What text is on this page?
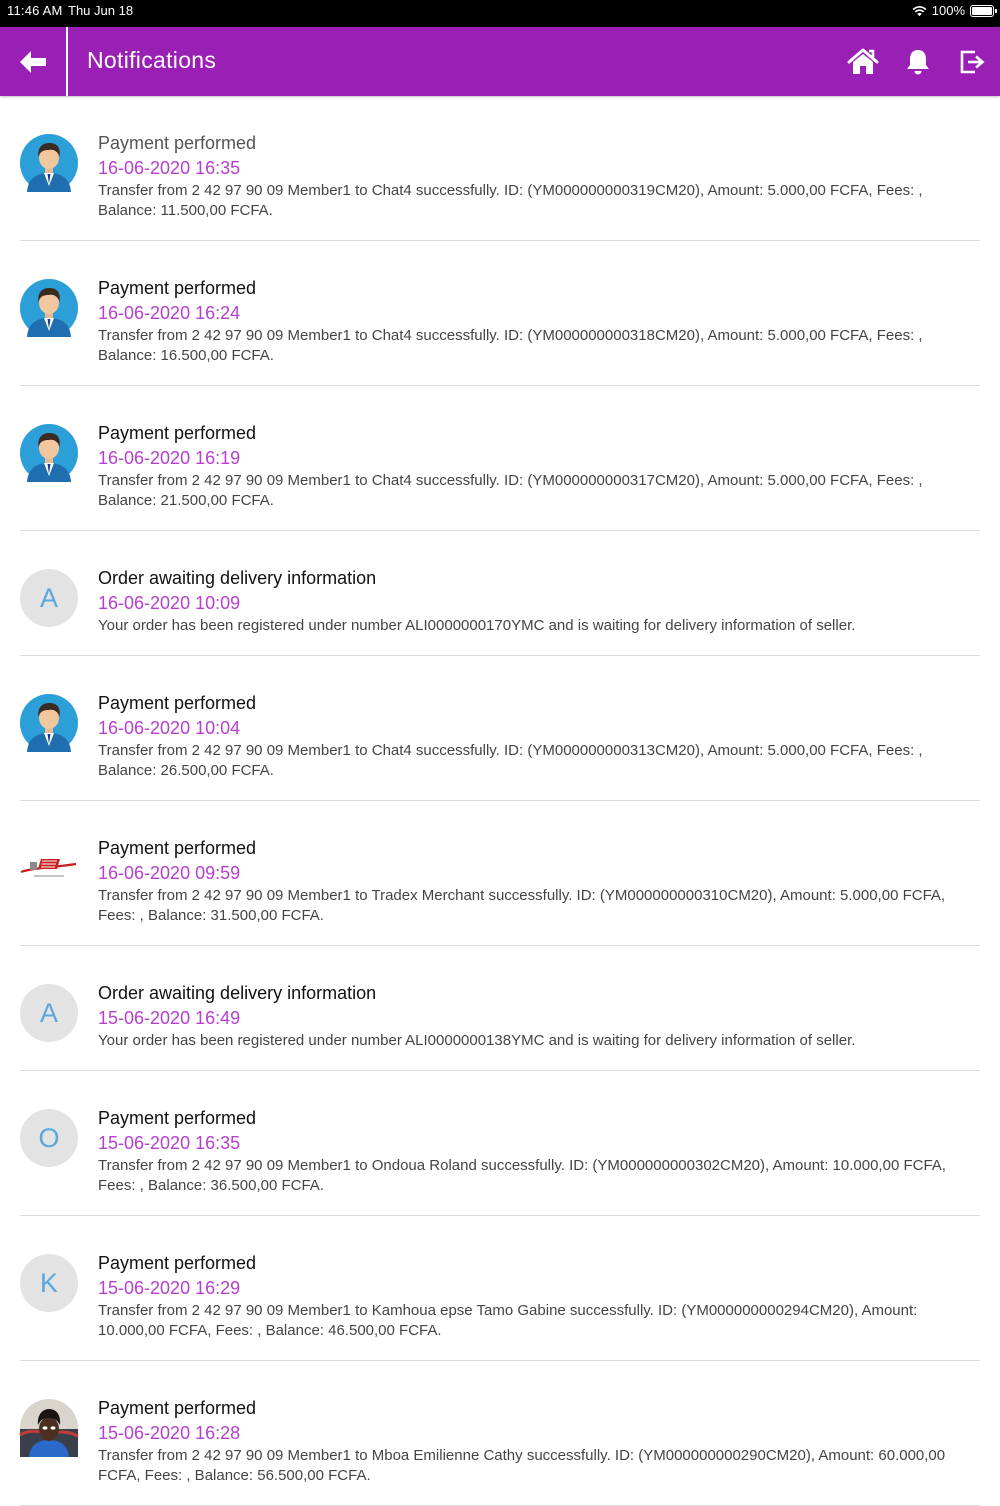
11:46 AM Thu Jun 18	100%
Notifications
Payment performed
16-06-2020 16:35
Transfer from 2 42 97 90 09 Member1 to Chat4 successfully. ID: (YM000000000319CM20), Amount: 5.000,00 FCFA, Fees: , Balance: 11.500,00 FCFA.
Payment performed
16-06-2020 16:24
Transfer from 2 42 97 90 09 Member1 to Chat4 successfully. ID: (YM000000000318CM20), Amount: 5.000,00 FCFA, Fees: , Balance: 16.500,00 FCFA.
Payment performed
16-06-2020 16:19
Transfer from 2 42 97 90 09 Member1 to Chat4 successfully. ID: (YM000000000317CM20), Amount: 5.000,00 FCFA, Fees: , Balance: 21.500,00 FCFA.
A
Order awaiting delivery information
16-06-2020 10:09
Your order has been registered under number ALI0000000170YMC and is waiting for delivery information of seller.
Payment performed
16-06-2020 10:04
Transfer from 2 42 97 90 09 Member1 to Chat4 successfully. ID: (YM000000000313CM20), Amount: 5.000,00 FCFA, Fees: , Balance: 26.500,00 FCFA.
Payment performed
16-06-2020 09:59
Transfer from 2 42 97 90 09 Member1 to Tradex Merchant successfully. ID: (YM000000000310CM20), Amount: 5.000,00 FCFA, Fees: , Balance: 31.500,00 FCFA.
A
Order awaiting delivery information
15-06-2020 16:49
Your order has been registered under number ALI0000000138YMC and is waiting for delivery information of seller.
O
Payment performed
15-06-2020 16:35
Transfer from 2 42 97 90 09 Member1 to Ondoua Roland successfully. ID: (YM000000000302CM20), Amount: 10.000,00 FCFA, Fees: , Balance: 36.500,00 FCFA.
K
Payment performed
15-06-2020 16:29
Transfer from 2 42 97 90 09 Member1 to Kamhoua epse Tamo Gabine successfully. ID: (YM000000000294CM20), Amount: 10.000,00 FCFA, Fees: , Balance: 46.500,00 FCFA.
Payment performed
15-06-2020 16:28
Transfer from 2 42 97 90 09 Member1 to Mboa Emilienne Cathy successfully. ID: (YM000000000290CM20), Amount: 60.000,00 FCFA, Fees: , Balance: 56.500,00 FCFA.
